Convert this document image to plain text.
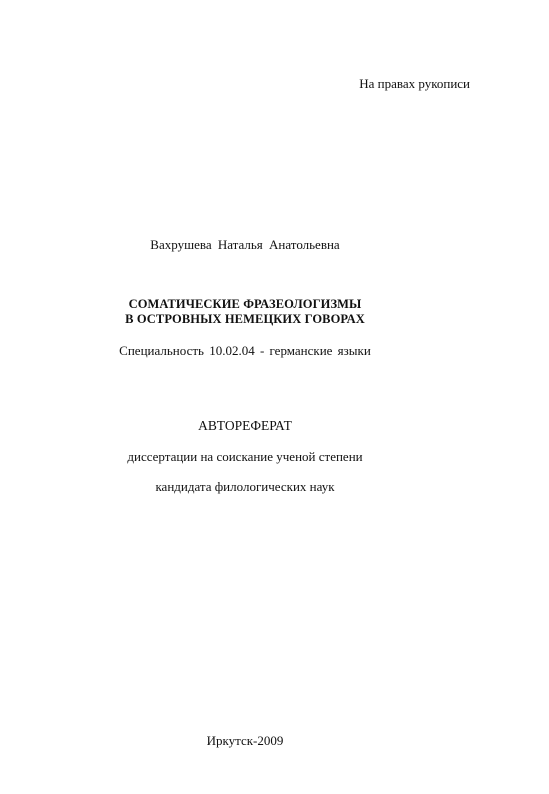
На правах рукописи
Вахрушева Наталья Анатольевна
СОМАТИЧЕСКИЕ ФРАЗЕОЛОГИЗМЫ
В ОСТРОВНЫХ НЕМЕЦКИХ ГОВОРАХ
Специальность 10.02.04 - германские языки
АВТОРЕФЕРАТ
диссертации на соискание ученой степени
кандидата филологических наук
Иркутск-2009
